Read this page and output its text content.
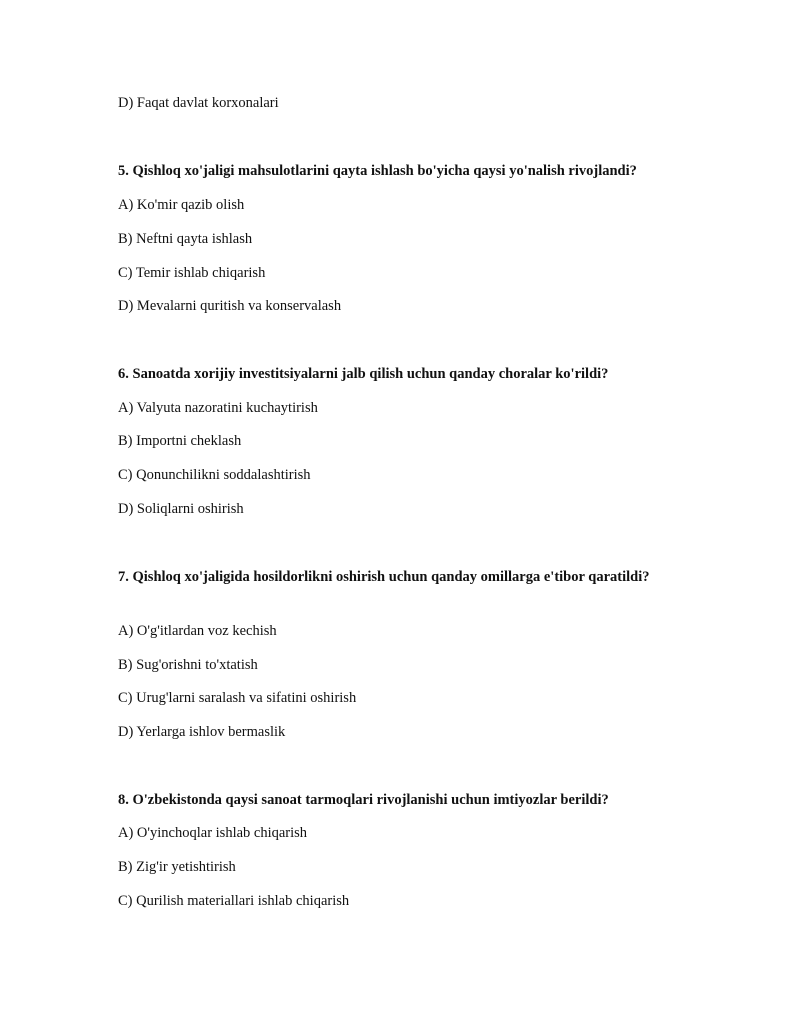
D) Faqat davlat korxonalari
5. Qishloq xo'jaligi mahsulotlarini qayta ishlash bo'yicha qaysi yo'nalish rivojlandi?
A) Ko'mir qazib olish
B) Neftni qayta ishlash
C) Temir ishlab chiqarish
D) Mevalarni quritish va konservalash
6. Sanoatda xorijiy investitsiyalarni jalb qilish uchun qanday choralar ko'rildi?
A) Valyuta nazoratini kuchaytirish
B) Importni cheklash
C) Qonunchilikni soddalashtirish
D) Soliqlarni oshirish
7. Qishloq xo'jaligida hosildorlikni oshirish uchun qanday omillarga e'tibor qaratildi?
A) O'g'itlardan voz kechish
B) Sug'orishni to'xtatish
C) Urug'larni saralash va sifatini oshirish
D) Yerlarga ishlov bermaslik
8. O'zbekistonda qaysi sanoat tarmoqlari rivojlanishi uchun imtiyozlar berildi?
A) O'yinchoqlar ishlab chiqarish
B) Zig'ir yetishtirish
C) Qurilish materiallari ishlab chiqarish
